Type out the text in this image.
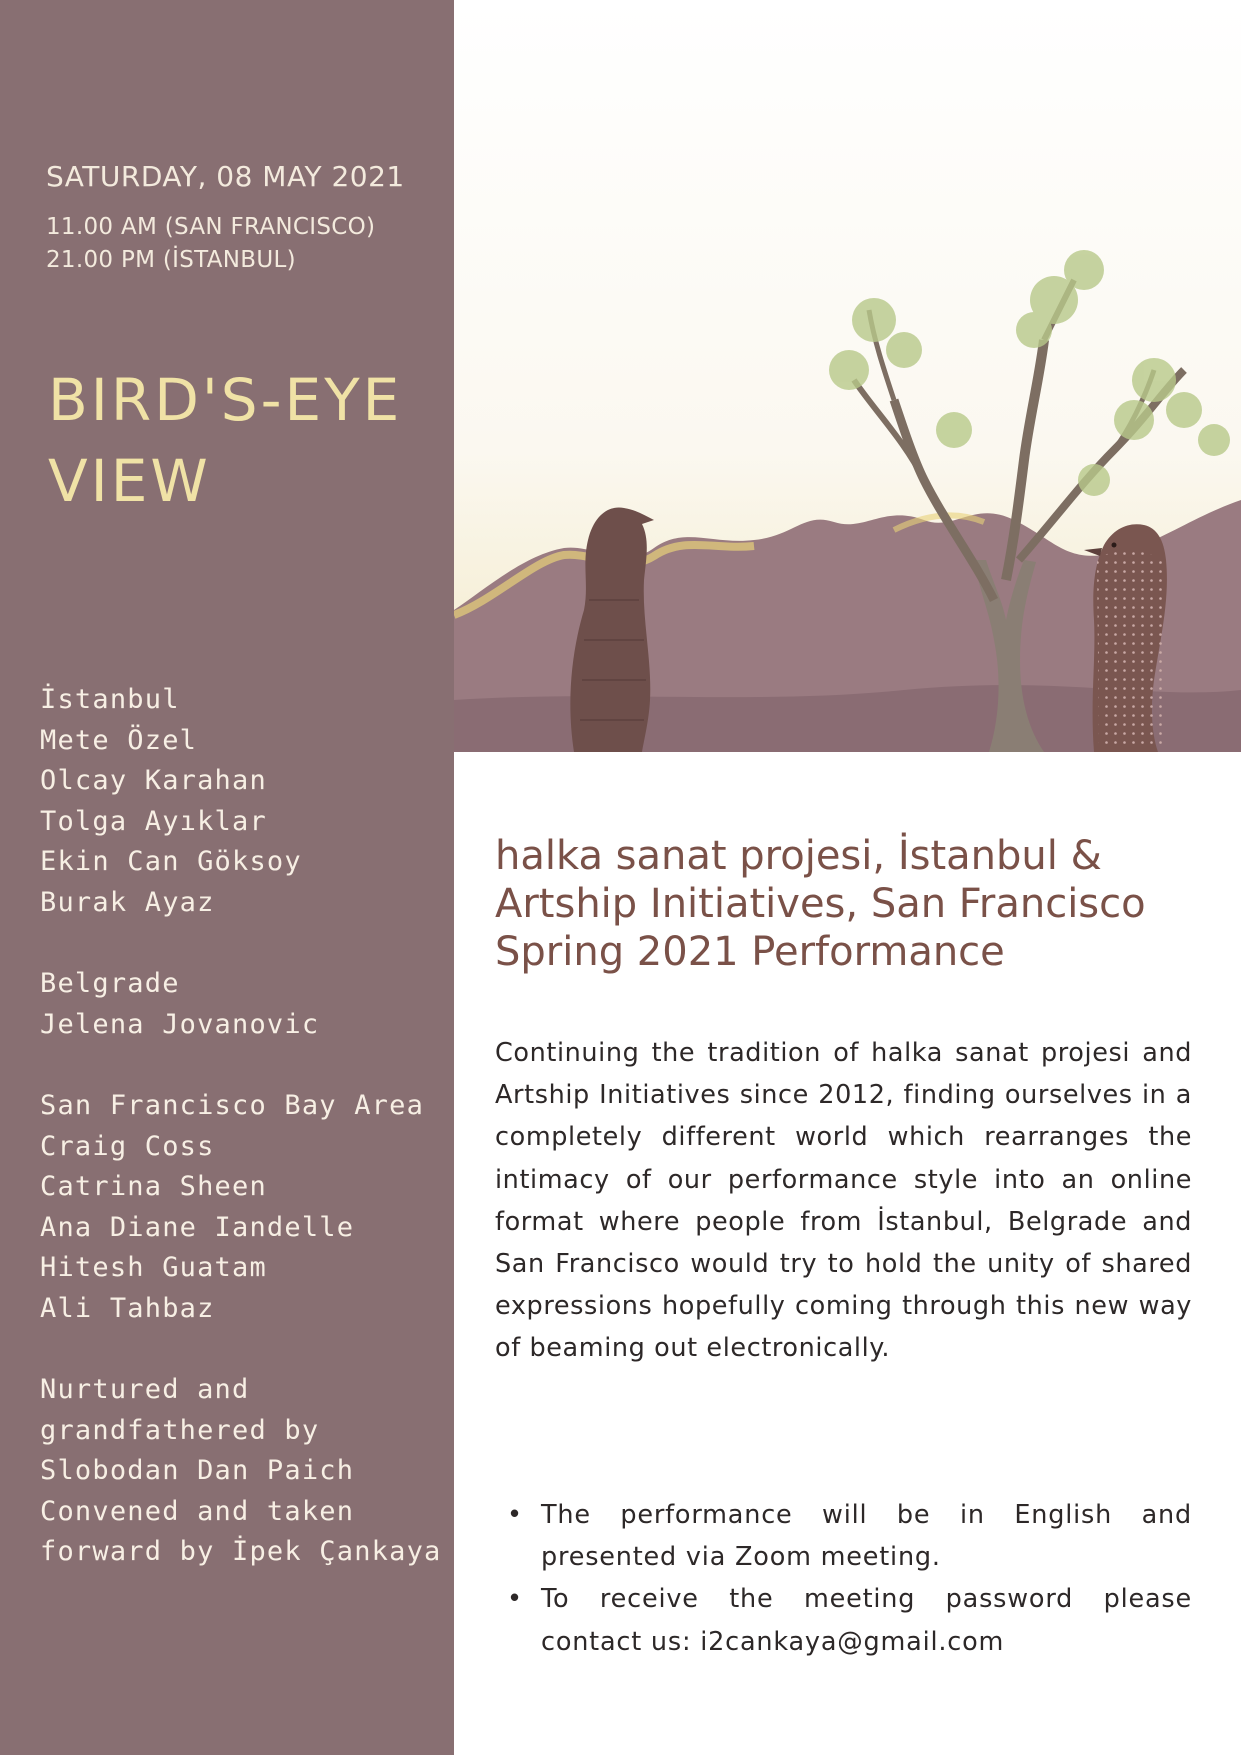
SATURDAY, 08 MAY 2021
11.00 AM (SAN FRANCISCO)
21.00 PM (İSTANBUL)
BIRD'S-EYE
VIEW
İstanbul
Mete Özel
Olcay Karahan
Tolga Ayıklar
Ekin Can Göksoy
Burak Ayaz
Belgrade
Jelena Jovanovic
San Francisco Bay Area
Craig Coss
Catrina Sheen
Ana Diane Iandelle
Hitesh Guatam
Ali Tahbaz
Nurtured and
grandfathered by
Slobodan Dan Paich
Convened and taken
forward by İpek Çankaya
halka sanat projesi, İstanbul &
Artship Initiatives, San Francisco
Spring 2021 Performance
Continuing the tradition of halka sanat projesi and Artship Initiatives since 2012, finding ourselves in a completely different world which rearranges the intimacy of our performance style into an online format where people from İstanbul, Belgrade and San Francisco would try to hold the unity of shared expressions hopefully coming through this new way of beaming out electronically.
• The performance will be in English and presented via Zoom meeting.
• To receive the meeting password please contact us: i2cankaya@gmail.com
